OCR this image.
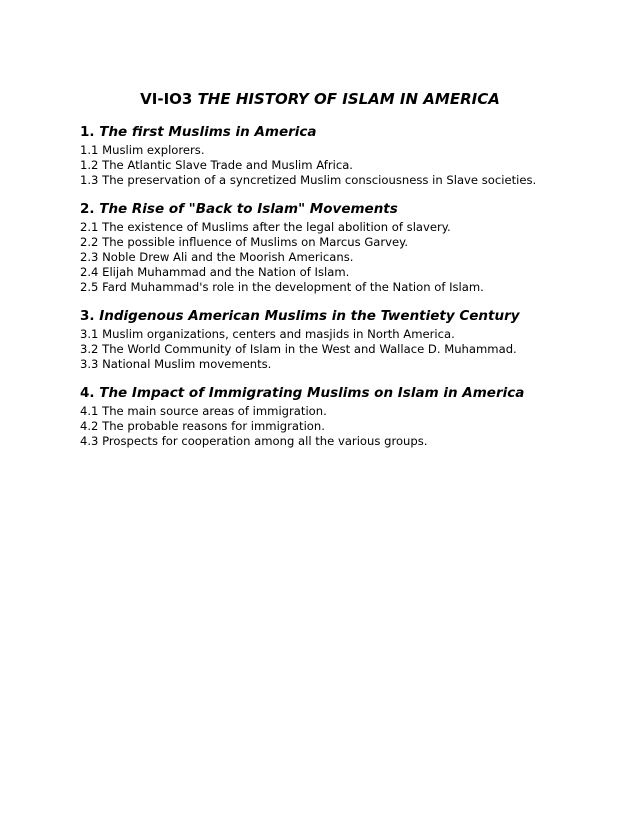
VI-IO3 THE HISTORY OF ISLAM IN AMERICA
1. The first Muslims in America
1.1 Muslim explorers.
1.2 The Atlantic Slave Trade and Muslim Africa.
1.3 The preservation of a syncretized Muslim consciousness in Slave societies.
2. The Rise of "Back to Islam" Movements
2.1 The existence of Muslims after the legal abolition of slavery.
2.2 The possible influence of Muslims on Marcus Garvey.
2.3 Noble Drew Ali and the Moorish Americans.
2.4 Elijah Muhammad and the Nation of Islam.
2.5 Fard Muhammad's role in the development of the Nation of Islam.
3. Indigenous American Muslims in the Twentiety Century
3.1 Muslim organizations, centers and masjids in North America.
3.2 The World Community of Islam in the West and Wallace D. Muhammad.
3.3 National Muslim movements.
4. The Impact of Immigrating Muslims on Islam in America
4.1 The main source areas of immigration.
4.2 The probable reasons for immigration.
4.3 Prospects for cooperation among all the various groups.
